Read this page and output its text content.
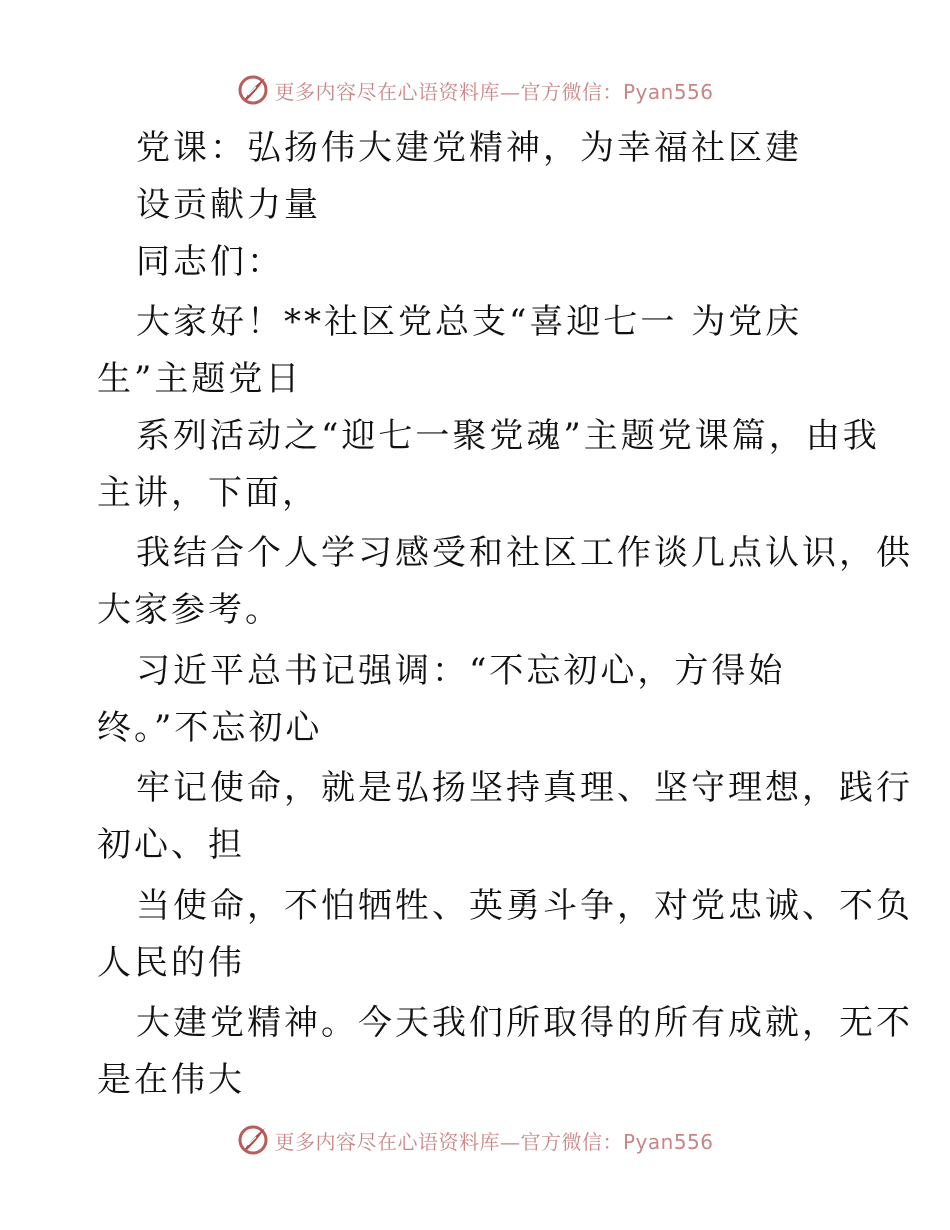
更多内容尽在心语资料库—官方微信：Pyan556
党课：弘扬伟大建党精神，为幸福社区建
设贡献力量
同志们：
大家好！**社区党总支“喜迎七一 为党庆
生”主题党日
系列活动之“迎七一聚党魂”主题党课篇，由我
主讲，下面，
我结合个人学习感受和社区工作谈几点认识，供
大家参考。
习近平总书记强调：“不忘初心，方得始
终。”不忘初心
牢记使命，就是弘扬坚持真理、坚守理想，践行
初心、担
当使命，不怕牺牲、英勇斗争，对党忠诚、不负
人民的伟
大建党精神。今天我们所取得的所有成就，无不
是在伟大
更多内容尽在心语资料库—官方微信：Pyan556
